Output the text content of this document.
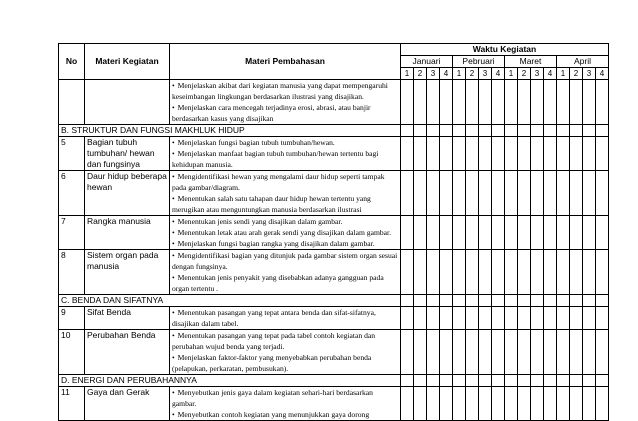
No	Materi Kegiatan	Materi Pembahasan	Waktu Kegiatan															
			Januari				Pebruari				Maret				April			
			1	2	3	4	1	2	3	4	1	2	3	4	1	2	3	4

		• Menjelaskan akibat dari kegiatan manusia yang dapat mempengaruhi keseimbangan lingkungan berdasarkan ilustrasi yang disajikan.
• Menjelaskan cara mencegah terjadinya erosi, abrasi, atau banjir berdasarkan kasus yang disajikan

B. STRUKTUR DAN FUNGSI MAKHLUK HIDUP																		
5	Bagian tubuh tumbuhan/ hewan dan fungsinya	• Menjelaskan fungsi bagian tubuh tumbuhan/hewan.
• Menjelaskan manfaat bagian tubuh tumbuhan/hewan tertentu bagi kehidupan manusia.

6	Daur hidup beberapa hewan	• Mengidentifikasi hewan yang mengalami daur hidup seperti tampak pada gambar/diagram.
• Menentukan salah satu tahapan daur hidup hewan tertentu yang merugikan atau menguntungkan manusia berdasarkan ilustrasi

7	Rangka manusia	• Menentukan jenis sendi yang disajikan dalam gambar.
• Menentukan letak atau arah gerak sendi yang disajikan dalam gambar.
• Menjelaskan fungsi bagian rangka yang disajikan dalam gambar.

8	Sistem organ pada manusia	• Mengidentifikasi bagian yang ditunjuk pada gambar sistem organ sesuai dengan fungsinya.
• Menentukan jenis penyakit yang disebabkan adanya gangguan pada organ tertentu .

C. BENDA DAN SIFATNYA																		
9	Sifat Benda	• Menentukan pasangan yang tepat antara benda dan sifat-sifatnya, disajikan dalam tabel.

10	Perubahan Benda	• Menentukan pasangan yang tepat pada tabel contoh kegiatan dan perubahan wujud benda yang terjadi.
• Menjelaskan faktor-faktor yang menyebabkan perubahan benda (pelapukan, perkaratan, pembusukan).

D. ENERGI DAN PERUBAHANNYA																		
11	Gaya dan Gerak	• Menyebutkan jenis gaya dalam kegiatan sehari-hari berdasarkan gambar.
• Menyebutkan contoh kegiatan yang menunjukkan gaya dorong
